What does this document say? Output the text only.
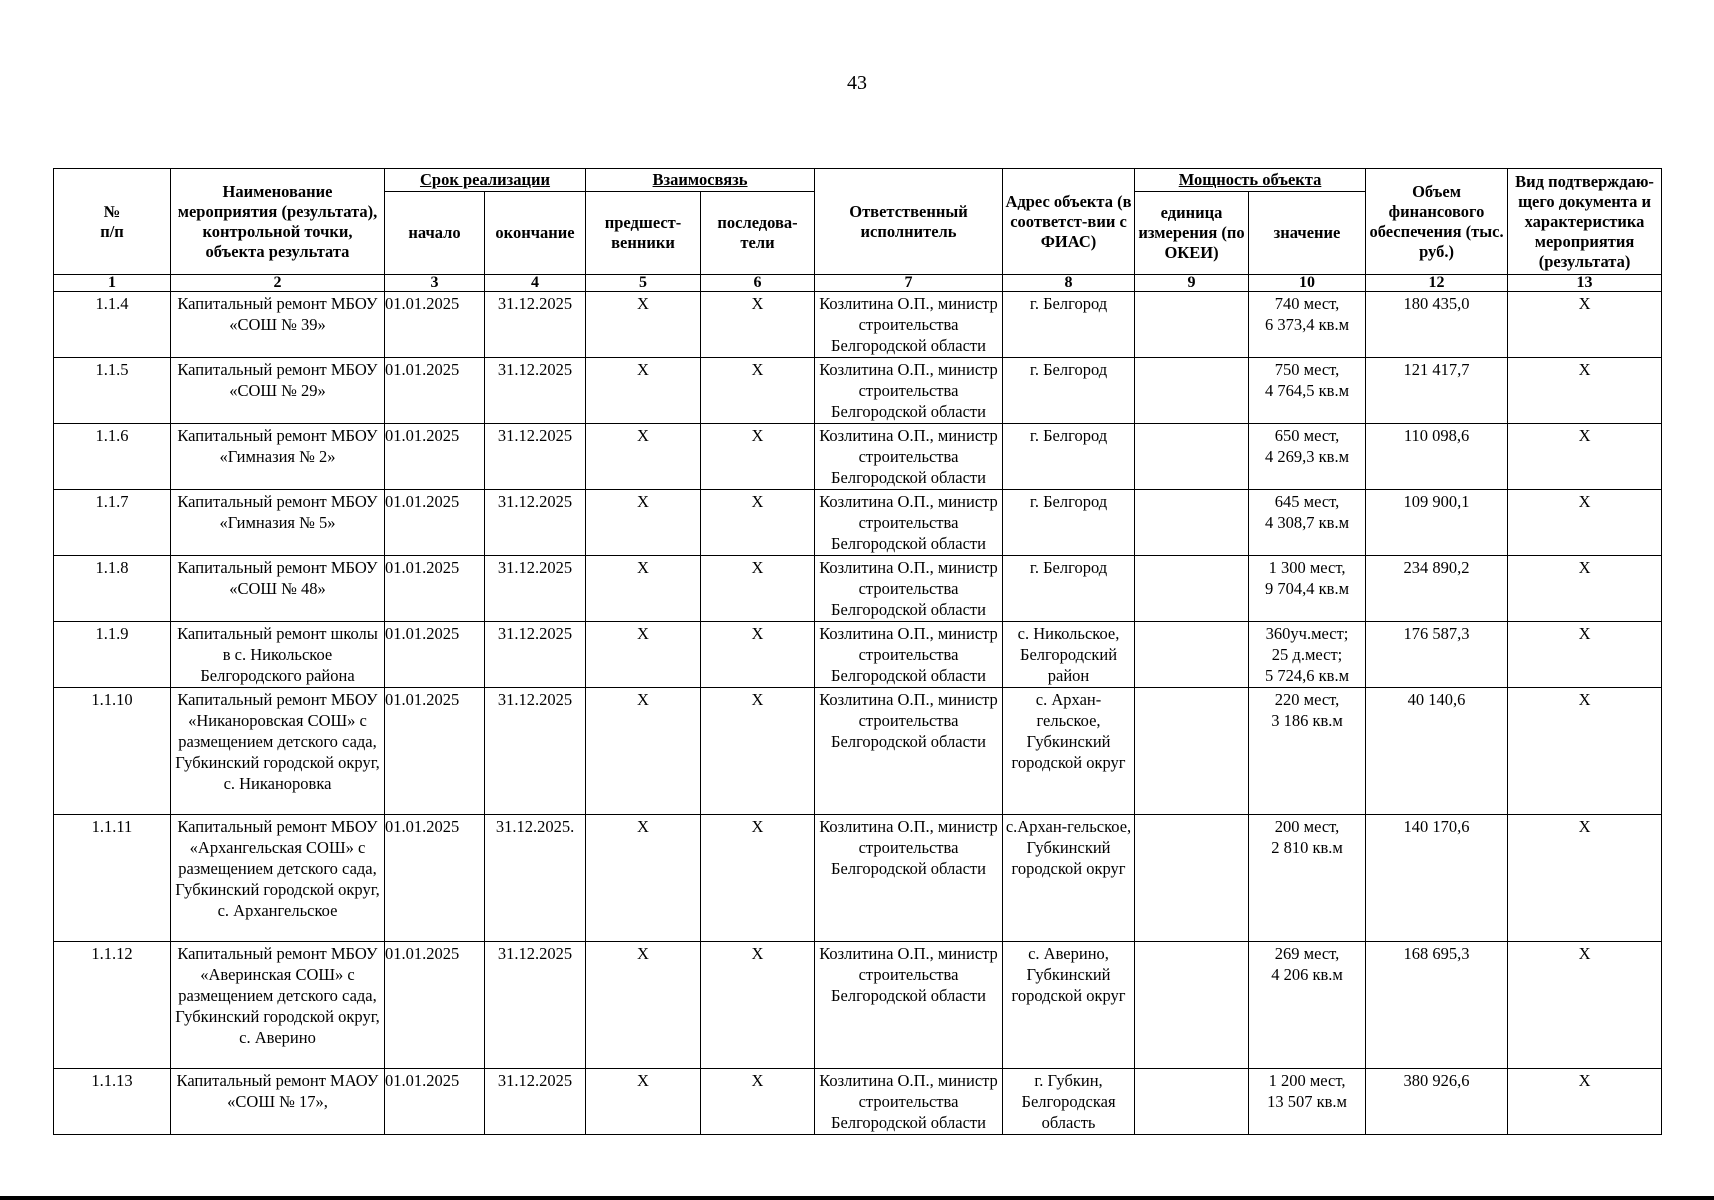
43
№
п/п	Наименование мероприятия (результата), контрольной точки, объекта результата	Срок реализации		Взаимосвязь		Ответственный исполнитель	Адрес объекта (в соответст-вии с ФИАС)	Мощность объекта		Объем финансового обеспечения (тыс. руб.)	Вид подтверждаю-щего документа и характеристика мероприятия (результата)
		начало	окончание	предшест-венники	последова-тели			единица измерения (по ОКЕИ)	значение		
1	2	3	4	5	6	7	8	9	10	12	13
1.1.4	Капитальный ремонт МБОУ «СОШ № 39»	01.01.2025	31.12.2025	X	X	Козлитина О.П., министр строительства Белгородской области	г. Белгород		740 мест,
6 373,4 кв.м	180 435,0	X
1.1.5	Капитальный ремонт МБОУ «СОШ № 29»	01.01.2025	31.12.2025	X	X	Козлитина О.П., министр строительства Белгородской области	г. Белгород		750 мест,
4 764,5 кв.м	121 417,7	X
1.1.6	Капитальный ремонт МБОУ «Гимназия № 2»	01.01.2025	31.12.2025	X	X	Козлитина О.П., министр строительства Белгородской области	г. Белгород		650 мест,
4 269,3 кв.м	110 098,6	X
1.1.7	Капитальный ремонт МБОУ «Гимназия № 5»	01.01.2025	31.12.2025	X	X	Козлитина О.П., министр строительства Белгородской области	г. Белгород		645 мест,
4 308,7 кв.м	109 900,1	X
1.1.8	Капитальный ремонт МБОУ «СОШ № 48»	01.01.2025	31.12.2025	X	X	Козлитина О.П., министр строительства Белгородской области	г. Белгород		1 300 мест,
9 704,4 кв.м	234 890,2	X
1.1.9	Капитальный ремонт школы в с. Никольское Белгородского района	01.01.2025	31.12.2025	X	X	Козлитина О.П., министр строительства Белгородской области	с. Никольское, Белгородский район		360уч.мест;
25 д.мест;
5 724,6 кв.м	176 587,3	X
1.1.10	Капитальный ремонт МБОУ «Никаноровская СОШ» с размещением детского сада, Губкинский городской округ,
с. Никаноровка	01.01.2025	31.12.2025	X	X	Козлитина О.П., министр строительства Белгородской области	с. Архан-гельское, Губкинский городской округ		220 мест,
3 186 кв.м	40 140,6	X
1.1.11	Капитальный ремонт МБОУ «Архангельская СОШ» с размещением детского сада, Губкинский городской округ,
с. Архангельское	01.01.2025	31.12.2025.	X	X	Козлитина О.П., министр строительства Белгородской области	с.Архан-гельское, Губкинский городской округ		200 мест,
2 810 кв.м	140 170,6	X
1.1.12	Капитальный ремонт МБОУ «Аверинская СОШ» с размещением детского сада, Губкинский городской округ,
с. Аверино	01.01.2025	31.12.2025	X	X	Козлитина О.П., министр строительства Белгородской области	с. Аверино, Губкинский городской округ		269 мест,
4 206 кв.м	168 695,3	X
1.1.13	Капитальный ремонт МАОУ «СОШ № 17»,	01.01.2025	31.12.2025	X	X	Козлитина О.П., министр строительства Белгородской области	г. Губкин, Белгородская область		1 200 мест,
13 507 кв.м	380 926,6	X
